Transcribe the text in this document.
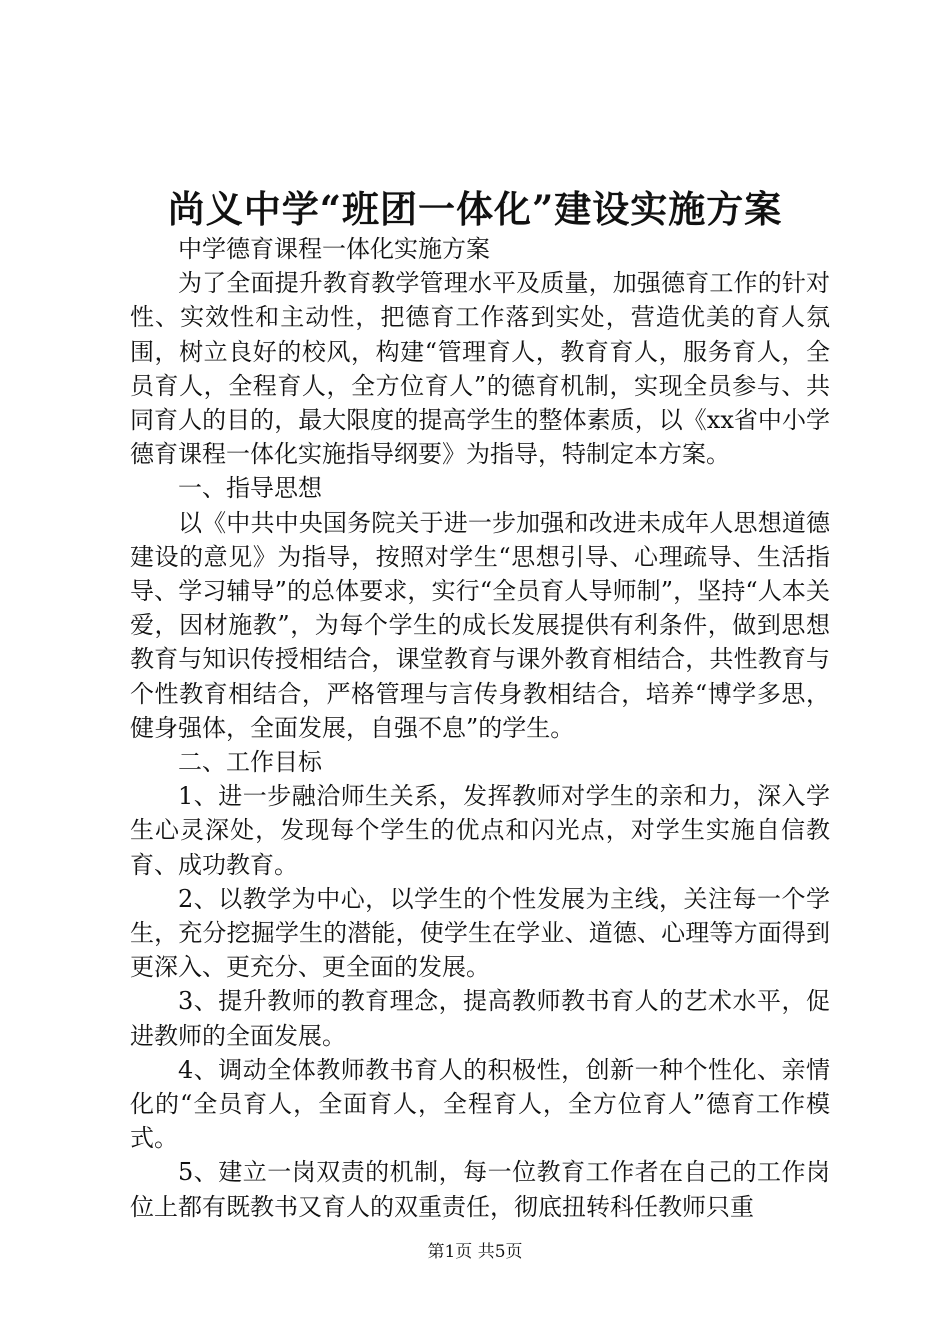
尚义中学“班团一体化”建设实施方案

中学德育课程一体化实施方案

为了全面提升教育教学管理水平及质量，加强德育工作的针对性、实效性和主动性，把德育工作落到实处，营造优美的育人氛围，树立良好的校风，构建“管理育人，教育育人，服务育人，全员育人，全程育人，全方位育人”的德育机制，实现全员参与、共同育人的目的，最大限度的提高学生的整体素质，以《xx省中小学德育课程一体化实施指导纲要》为指导，特制定本方案。

一、指导思想

以《中共中央国务院关于进一步加强和改进未成年人思想道德建设的意见》为指导，按照对学生“思想引导、心理疏导、生活指导、学习辅导”的总体要求，实行“全员育人导师制”，坚持“人本关爱，因材施教”，为每个学生的成长发展提供有利条件，做到思想教育与知识传授相结合，课堂教育与课外教育相结合，共性教育与个性教育相结合，严格管理与言传身教相结合，培养“博学多思，健身强体，全面发展，自强不息”的学生。

二、工作目标

1、进一步融洽师生关系，发挥教师对学生的亲和力，深入学生心灵深处，发现每个学生的优点和闪光点，对学生实施自信教育、成功教育。

2、以教学为中心，以学生的个性发展为主线，关注每一个学生，充分挖掘学生的潜能，使学生在学业、道德、心理等方面得到更深入、更充分、更全面的发展。

3、提升教师的教育理念，提高教师教书育人的艺术水平，促进教师的全面发展。

4、调动全体教师教书育人的积极性，创新一种个性化、亲情化的“全员育人，全面育人，全程育人，全方位育人”德育工作模式。

5、建立一岗双责的机制，每一位教育工作者在自己的工作岗位上都有既教书又育人的双重责任，彻底扭转科任教师只重

第1页 共5页
